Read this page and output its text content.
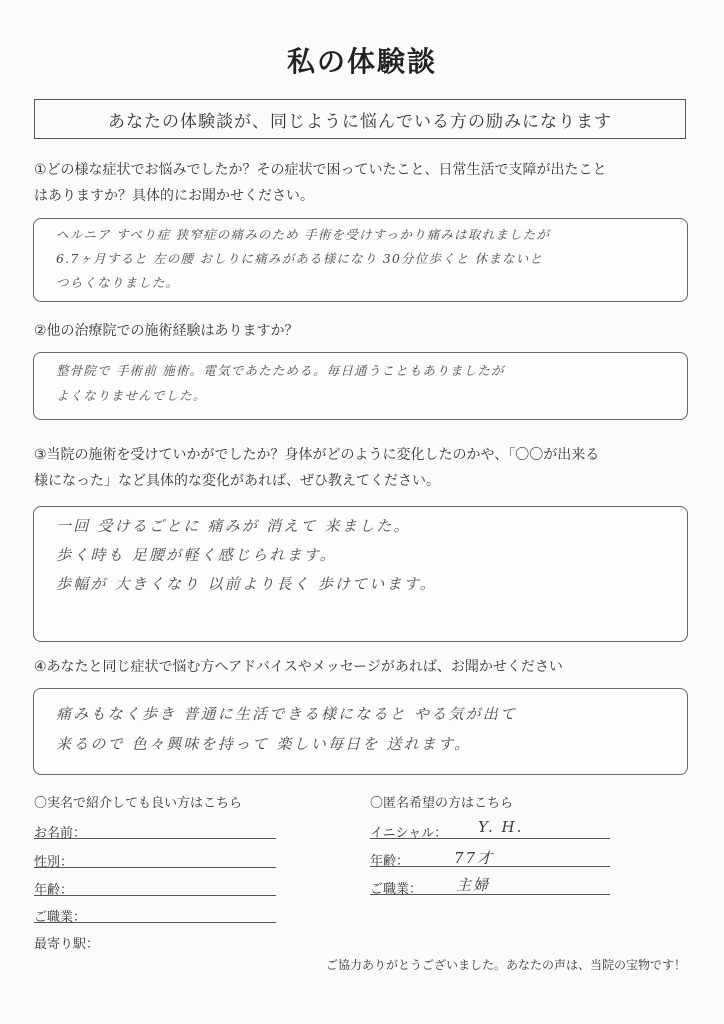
私の体験談
あなたの体験談が、同じように悩んでいる方の励みになります
①どの様な症状でお悩みでしたか？その症状で困っていたこと、日常生活で支障が出たこと
はありますか？具体的にお聞かせください。
ヘルニア すべり症 狭窄症の痛みのため 手術を受けすっかり痛みは取れましたが
6.7ヶ月すると 左の腰 おしりに痛みがある様になり 30分位歩くと 休まないと
つらくなりました。
②他の治療院での施術経験はありますか？
整骨院で 手術前 施術。電気であたためる。毎日通うこともありましたが
よくなりませんでした。
③当院の施術を受けていかがでしたか？身体がどのように変化したのかや、「〇〇が出来る
様になった」など具体的な変化があれば、ぜひ教えてください。
一回 受けるごとに 痛みが 消えて 来ました。
歩く時も 足腰が軽く感じられます。
歩幅が 大きくなり 以前より長く 歩けています。
④あなたと同じ症状で悩む方へアドバイスやメッセージがあれば、お聞かせください
痛みもなく歩き 普通に生活できる様になると やる気が出て
来るので 色々興味を持って 楽しい毎日を 送れます。
〇実名で紹介しても良い方はこちら
お名前：
性別：
年齢：
ご職業：
最寄り駅：
〇匿名希望の方はこちら
イニシャル： Y. H.
年齢：	77才
ご職業： 主婦
ご協力ありがとうございました。あなたの声は、当院の宝物です！
